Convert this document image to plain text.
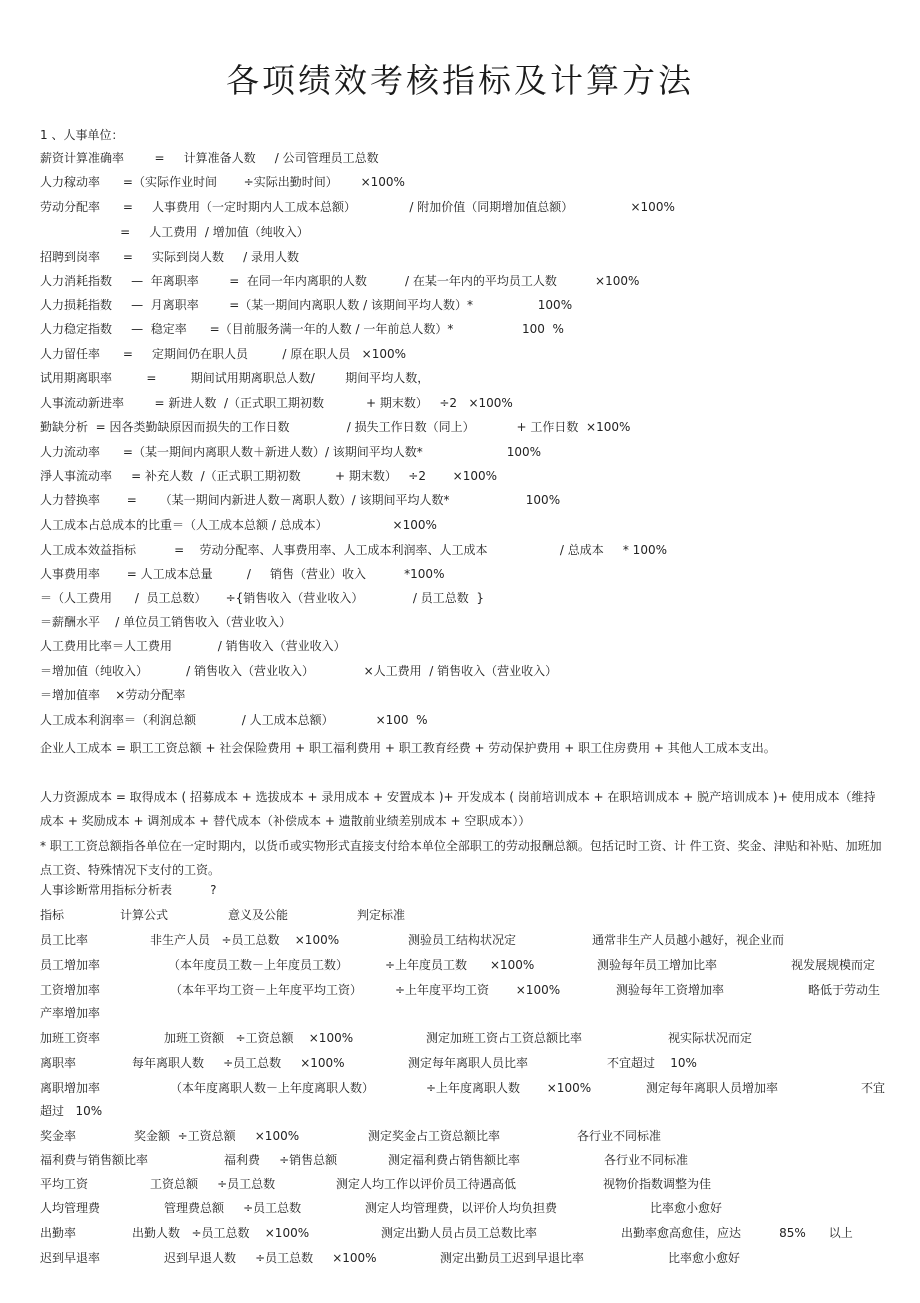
各项绩效考核指标及计算方法
1 、人事单位：
薪资计算准确率        =     计算准备人数     / 公司管理员工总数
人力稼动率      =（实际作业时间       ÷实际出勤时间）      ×100%
劳动分配率      =     人事费用（一定时期内人工成本总额）              / 附加价值（同期增加值总额）               ×100%
=     人工费用  / 增加值（纯收入）
招聘到岗率      =     实际到岗人数     / 录用人数
人力消耗指数     —  年离职率        =  在同一年内离职的人数          / 在某一年内的平均员工人数          ×100%
人力损耗指数     —  月离职率        =（某一期间内离职人数 / 该期间平均人数）*                 100%
人力稳定指数     —  稳定率      =（目前服务满一年的人数 / 一年前总人数）*                  100  %
人力留任率      =     定期间仍在职人员         / 原在职人员   ×100%
试用期离职率         =         期间试用期离职总人数/        期间平均人数，
人事流动新进率        = 新进人数  /（正式职工期初数           + 期末数）   ÷2   ×100%
勤缺分析  = 因各类勤缺原因而损失的工作日数               / 损失工作日数（同上）           + 工作日数  ×100%
人力流动率      =（某一期间内离职人数＋新进人数）/ 该期间平均人数*                      100%
淨人事流动率     = 补充人数  /（正式职工期初数         + 期末数）   ÷2       ×100%
人力替换率       =      （某一期间内新进人数－离职人数）/ 该期间平均人数*                    100%
人工成本占总成本的比重＝（人工成本总额 / 总成本）                 ×100%
人工成本效益指标          =    劳动分配率、人事费用率、人工成本利润率、人工成本                   / 总成本     * 100%
人事费用率       = 人工成本总量         /     销售（营业）收入          *100%
＝（人工费用      /  员工总数）     ÷{销售收入（营业收入）             / 员工总数  }
＝薪酬水平    / 单位员工销售收入（营业收入）
人工费用比率＝人工费用            / 销售收入（营业收入）
＝增加值（纯收入）          / 销售收入（营业收入）             ×人工费用  / 销售收入（营业收入）
＝增加值率    ×劳动分配率
人工成本利润率＝（利润总额            / 人工成本总额）           ×100  %
企业人工成本 = 职工工资总额 + 社会保险费用 + 职工福利费用 + 职工教育经费 + 劳动保护费用 + 职工住房费用 + 其他人工成本支出。
人力资源成本 = 取得成本 ( 招募成本 + 选拔成本 + 录用成本 + 安置成本 )+ 开发成本 ( 岗前培训成本 + 在职培训成本 + 脱产培训成本 )+ 使用成本（维持成本 + 奖励成本 + 调剂成本 + 替代成本（补偿成本 + 遗散前业绩差别成本 + 空职成本））
* 职工工资总额指各单位在一定时期内，以货币或实物形式直接支付给本单位全部职工的劳动报酬总额。包括记时工资、计 件工资、奖金、津贴和补贴、加班加点工资、特殊情况下支付的工资。
人事诊断常用指标分析表          ?
指标	计算公式	意义及公能	判定标准
员工比率	非生产人员   ÷员工总数    ×100%	测验员工结构状况定	通常非生产人员越小越好，视企业而
员工增加率	（本年度员工数－上年度员工数）	÷上年度员工数      ×100%	测验每年员工增加比率	视发展规模而定
工资增加率	（本年平均工资－上年度平均工资）	÷上年度平均工资       ×100%	测验每年工资增加率	略低于劳动生
产率增加率
加班工资率	加班工资额   ÷工资总额    ×100%	测定加班工资占工资总额比率	视实际状况而定
离职率	每年离职人数     ÷员工总数     ×100%	测定每年离职人员比率	不宜超过    10%
离职增加率	（本年度离职人数－上年度离职人数）	÷上年度离职人数       ×100%	测定每年离职人员增加率	不宜
超过   10%
奖金率	奖金额  ÷工资总额     ×100%	测定奖金占工资总额比率	各行业不同标准
福利费与销售额比率	福利费     ÷销售总额	测定福利费占销售额比率	各行业不同标准
平均工资	工资总额     ÷员工总数	测定人均工作以评价员工待遇高低	视物价指数调整为佳
人均管理费	管理费总额     ÷员工总数	测定人均管理费，以评价人均负担费	比率愈小愈好
出勤率	出勤人数   ÷员工总数    ×100%	测定出勤人员占员工总数比率	出勤率愈高愈佳，应达          85%      以上
迟到早退率	迟到早退人数     ÷员工总数     ×100%	测定出勤员工迟到早退比率	比率愈小愈好
